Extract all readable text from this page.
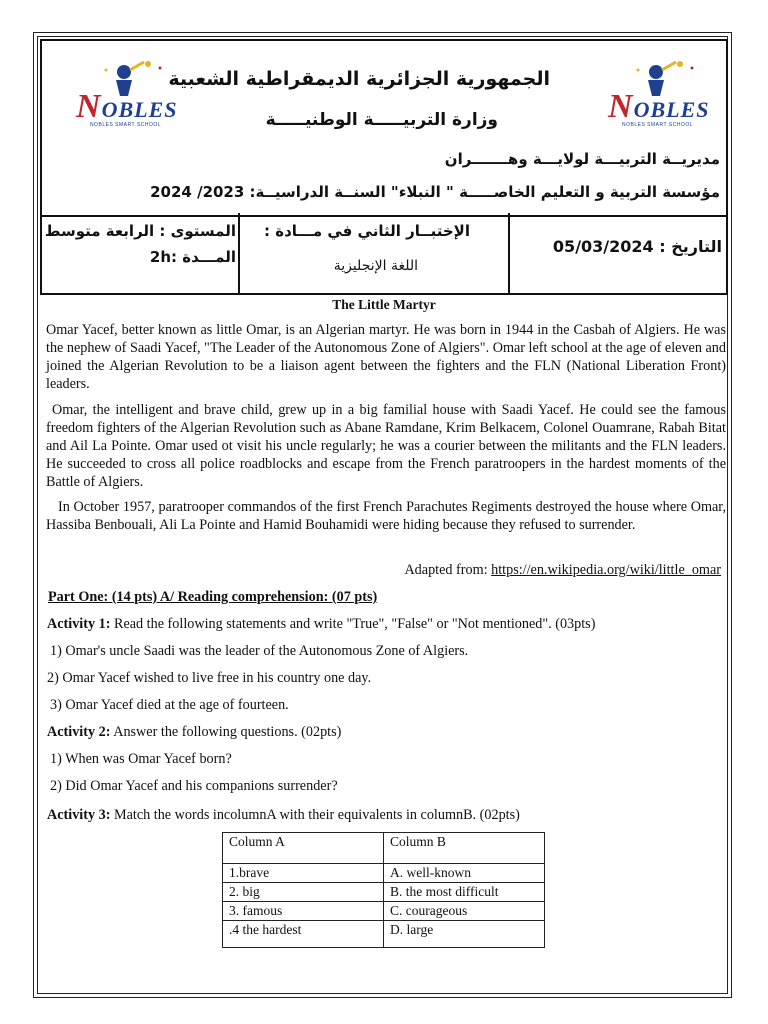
NOBLES
NOBLES SMART SCHOOL	NOBLES
NOBLES SMART SCHOOL
الجمهورية الجزائرية الديمقراطية الشعبية
وزارة التربيـــــة الوطنيـــــة
مديريــة التربيـــة لولايـــة وهـــــــران
مؤسسة التربية و التعليم الخاصـــــة " النبلاء" السنــة الدراسيــة: 2023/ 2024
التاريخ : 05/03/2024
الإختبــار الثاني في مـــادة :
اللغة الإنجليزية
المستوى : الرابعة متوسط
المـــدة :2h
The Little Martyr
Omar Yacef, better known as little Omar, is an Algerian martyr. He was born in 1944 in the Casbah of Algiers. He was the nephew of Saadi Yacef, "The Leader of the Autonomous Zone of Algiers". Omar left school at the age of eleven and joined the Algerian Revolution to be a liaison agent between the fighters and the FLN (National Liberation Front) leaders.
Omar, the intelligent and brave child, grew up in a big familial house with Saadi Yacef. He could see the famous freedom fighters of the Algerian Revolution such as Abane Ramdane, Krim Belkacem, Colonel Ouamrane, Rabah Bitat and Ail La Pointe. Omar used ot visit his uncle regularly; he was a courier between the militants and the FLN leaders. He succeeded to cross all police roadblocks and escape from the French paratroopers in the hardest moments of the Battle of Algiers.
In October 1957, paratrooper commandos of the first French Parachutes Regiments destroyed the house where Omar, Hassiba Benbouali, Ali La Pointe and Hamid Bouhamidi were hiding because they refused to surrender.
Adapted from: https://en.wikipedia.org/wiki/little_omar
Part One: (14 pts) A/ Reading comprehension: (07 pts)
Activity 1: Read the following statements and write "True", "False" or "Not mentioned". (03pts)
1) Omar's uncle Saadi was the leader of the Autonomous Zone of Algiers.
2) Omar Yacef wished to live free in his country one day.
3) Omar Yacef died at the age of fourteen.
Activity 2: Answer the following questions. (02pts)
1) When was Omar Yacef born?
2) Did Omar Yacef and his companions surrender?
Activity 3: Match the words incolumnA with their equivalents in columnB. (02pts)
Column A	Column B
1.brave	A. well-known
2. big	B. the most difficult
3. famous	C. courageous
.4 the hardest	D. large
